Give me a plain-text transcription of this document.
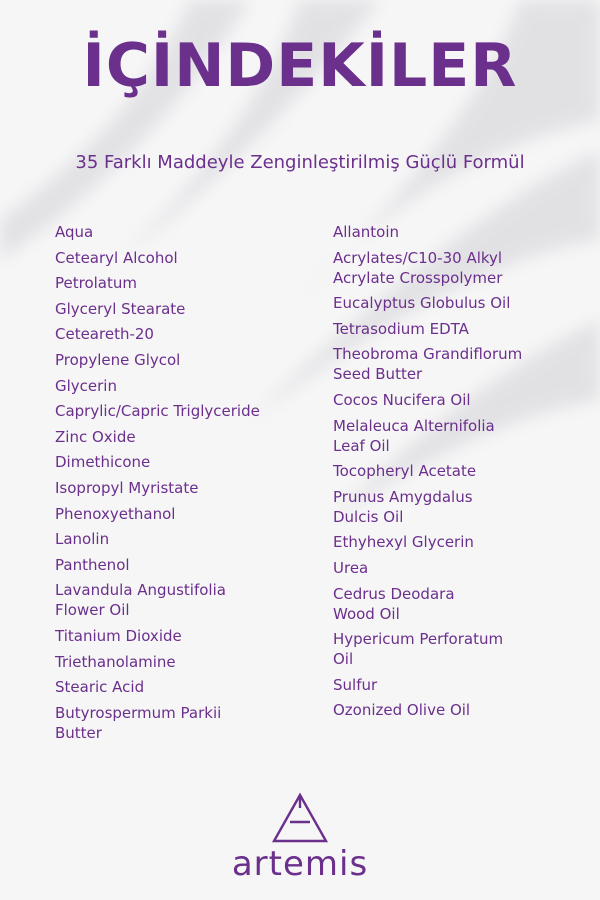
İÇİNDEKİLER
35 Farklı Maddeyle Zenginleştirilmiş Güçlü Formül
Aqua
Cetearyl Alcohol
Petrolatum
Glyceryl Stearate
Ceteareth-20
Propylene Glycol
Glycerin
Caprylic/Capric Triglyceride
Zinc Oxide
Dimethicone
Isopropyl Myristate
Phenoxyethanol
Lanolin
Panthenol
Lavandula Angustifolia
Flower Oil
Titanium Dioxide
Triethanolamine
Stearic Acid
Butyrospermum Parkii
Butter
Allantoin
Acrylates/C10-30 Alkyl
Acrylate Crosspolymer
Eucalyptus Globulus Oil
Tetrasodium EDTA
Theobroma Grandiflorum
Seed Butter
Cocos Nucifera Oil
Melaleuca Alternifolia
Leaf Oil
Tocopheryl Acetate
Prunus Amygdalus
Dulcis Oil
Ethyhexyl Glycerin
Urea
Cedrus Deodara
Wood Oil
Hypericum Perforatum
Oil
Sulfur
Ozonized Olive Oil
artemis
